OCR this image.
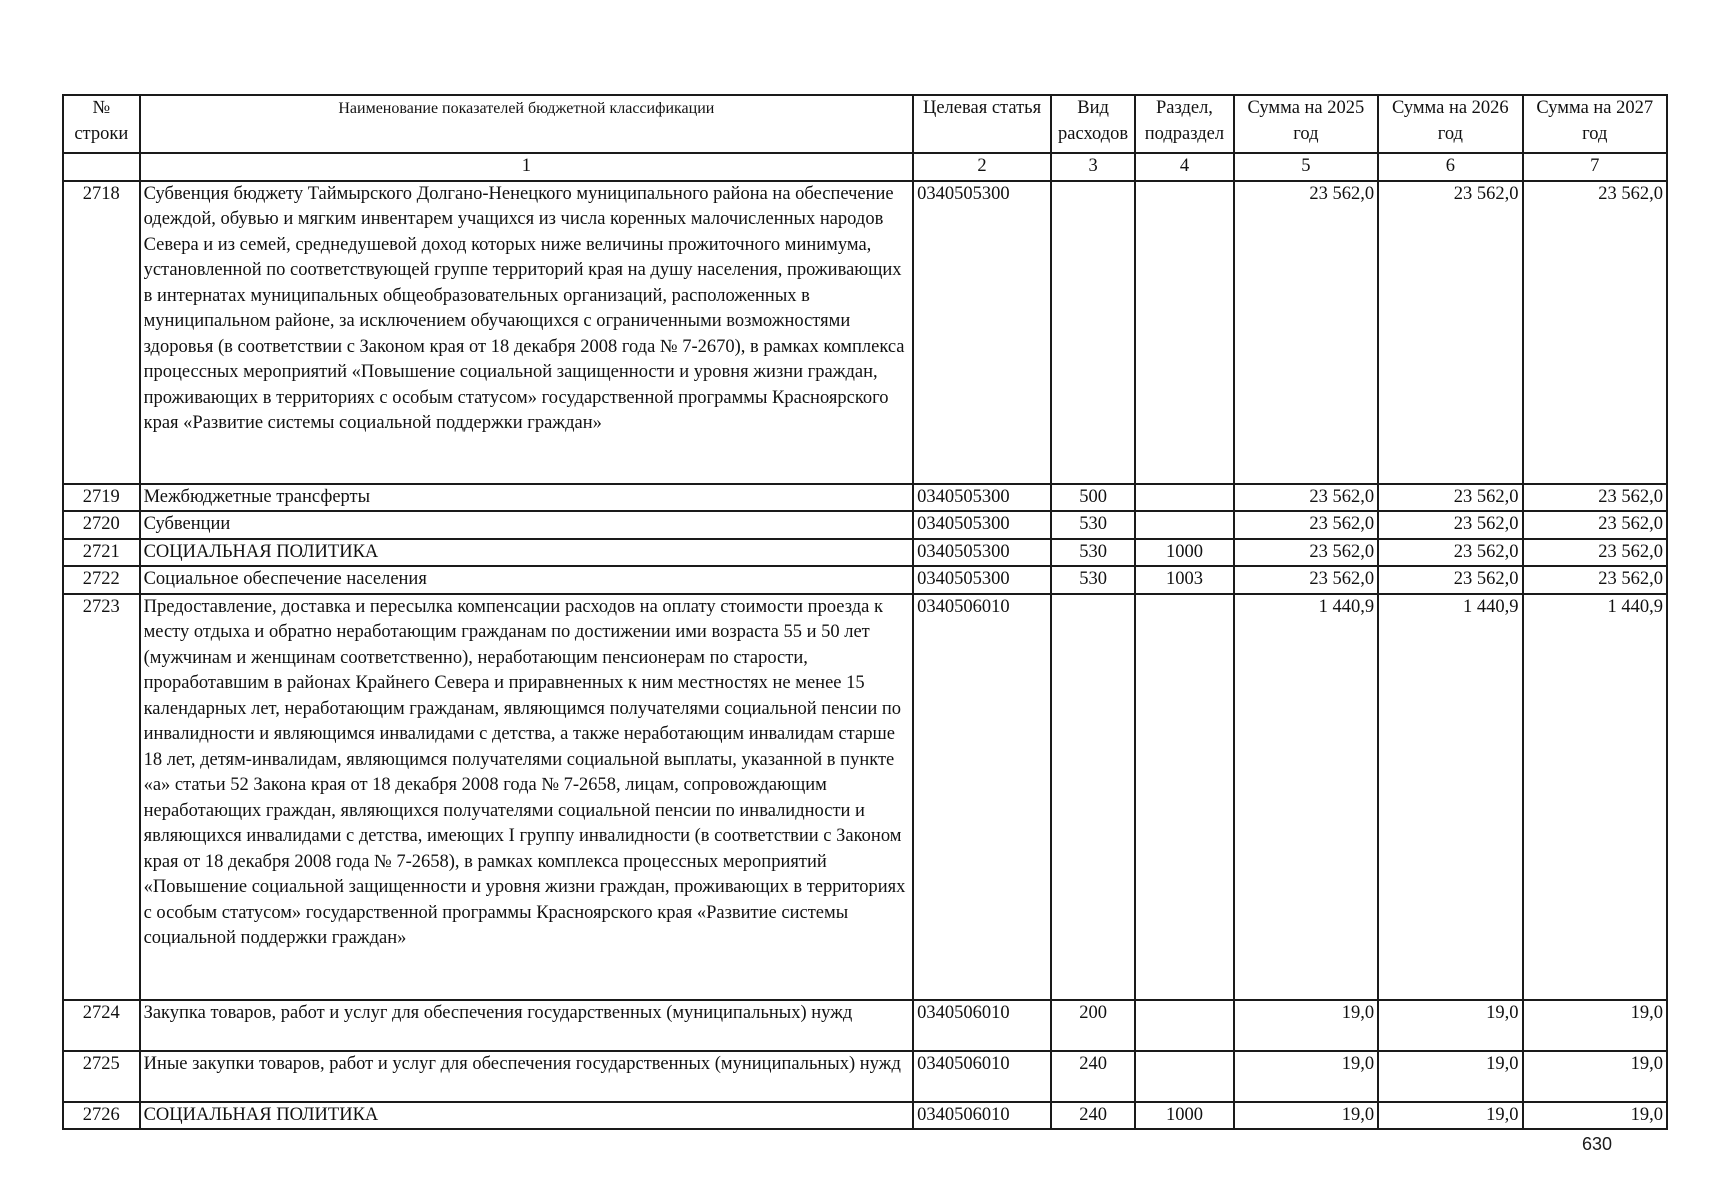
№ строки	Наименование показателей бюджетной классификации	Целевая статья	Вид расходов	Раздел, подраздел	Сумма на 2025 год	Сумма на 2026 год	Сумма на 2027 год
	1	2	3	4	5	6	7
2718	Субвенция бюджету Таймырского Долгано-Ненецкого муниципального района на обеспечение одеждой, обувью и мягким инвентарем учащихся из числа коренных малочисленных народов Севера и из семей, среднедушевой доход которых ниже величины прожиточного минимума, установленной по соответствующей группе территорий края на душу населения, проживающих в интернатах муниципальных общеобразовательных организаций, расположенных в муниципальном районе, за исключением обучающихся с ограниченными возможностями здоровья (в соответствии с Законом края от 18 декабря 2008 года № 7-2670), в рамках комплекса процессных мероприятий «Повышение социальной защищенности и уровня жизни граждан, проживающих в территориях с особым статусом» государственной программы Красноярского края «Развитие системы социальной поддержки граждан»	0340505300			23 562,0	23 562,0	23 562,0
2719	Межбюджетные трансферты	0340505300	500		23 562,0	23 562,0	23 562,0
2720	Субвенции	0340505300	530		23 562,0	23 562,0	23 562,0
2721	СОЦИАЛЬНАЯ ПОЛИТИКА	0340505300	530	1000	23 562,0	23 562,0	23 562,0
2722	Социальное обеспечение населения	0340505300	530	1003	23 562,0	23 562,0	23 562,0
2723	Предоставление, доставка и пересылка компенсации расходов на оплату стоимости проезда к месту отдыха и обратно неработающим гражданам по достижении ими возраста 55 и 50 лет (мужчинам и женщинам соответственно), неработающим пенсионерам по старости, проработавшим в районах Крайнего Севера и приравненных к ним местностях не менее 15 календарных лет, неработающим гражданам, являющимся получателями социальной пенсии по инвалидности и являющимся инвалидами с детства, а также неработающим инвалидам старше 18 лет, детям-инвалидам, являющимся получателями социальной выплаты, указанной в пункте «а» статьи 52 Закона края от 18 декабря 2008 года № 7-2658, лицам, сопровождающим неработающих граждан, являющихся получателями социальной пенсии по инвалидности и являющихся инвалидами с детства, имеющих I группу инвалидности (в соответствии с Законом края от 18 декабря 2008 года № 7-2658), в рамках комплекса процессных мероприятий «Повышение социальной защищенности и уровня жизни граждан, проживающих в территориях с особым статусом» государственной программы Красноярского края «Развитие системы социальной поддержки граждан»	0340506010			1 440,9	1 440,9	1 440,9
2724	Закупка товаров, работ и услуг для обеспечения государственных (муниципальных) нужд	0340506010	200		19,0	19,0	19,0
2725	Иные закупки товаров, работ и услуг для обеспечения государственных (муниципальных) нужд	0340506010	240		19,0	19,0	19,0
2726	СОЦИАЛЬНАЯ ПОЛИТИКА	0340506010	240	1000	19,0	19,0	19,0
630
